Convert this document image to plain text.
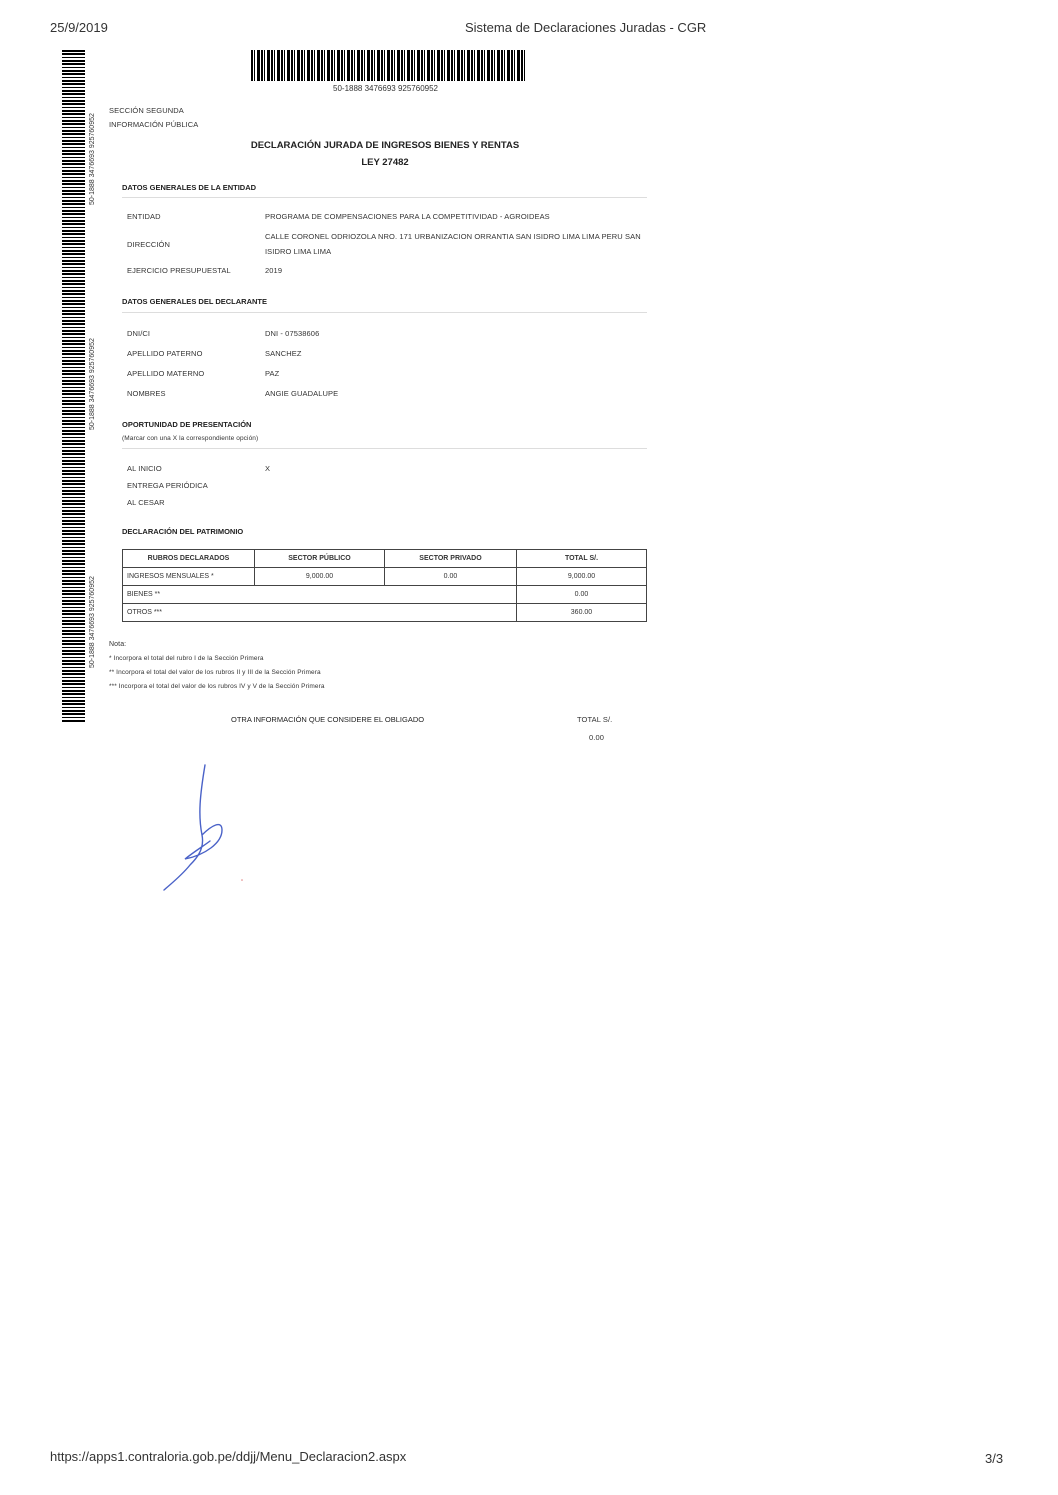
25/9/2019	Sistema de Declaraciones Juradas - CGR
50-1888 3476693 925760952
50-1888 3476693 925760952
50-1888 3476693 925760952
50-1888 3476693 925760952
SECCIÓN SEGUNDA
INFORMACIÓN PÚBLICA
DECLARACIÓN JURADA DE INGRESOS BIENES Y RENTAS
LEY 27482
DATOS GENERALES DE LA ENTIDAD
ENTIDAD	PROGRAMA DE COMPENSACIONES PARA LA COMPETITIVIDAD - AGROIDEAS
DIRECCIÓN
CALLE CORONEL ODRIOZOLA NRO. 171 URBANIZACION ORRANTIA SAN ISIDRO LIMA LIMA PERU SAN
ISIDRO LIMA LIMA
EJERCICIO PRESUPUESTAL	2019
DATOS GENERALES DEL DECLARANTE
DNI/CI	DNI - 07538606
APELLIDO PATERNO	SANCHEZ
APELLIDO MATERNO	PAZ
NOMBRES	ANGIE GUADALUPE
OPORTUNIDAD DE PRESENTACIÓN
(Marcar con una X la correspondiente opción)
AL INICIO	X
ENTREGA PERIÓDICA
AL CESAR
DECLARACIÓN DEL PATRIMONIO
RUBROS DECLARADOS	SECTOR PÚBLICO	SECTOR PRIVADO	TOTAL S/.
INGRESOS MENSUALES *	9,000.00	0.00	9,000.00
BIENES **			0.00
OTROS ***			360.00
Nota:
* Incorpora el total del rubro I de la Sección Primera
** Incorpora el total del valor de los rubros II y III de la Sección Primera
*** Incorpora el total del valor de los rubros IV y V de la Sección Primera
OTRA INFORMACIÓN QUE CONSIDERE EL OBLIGADO	TOTAL S/.
0.00
https://apps1.contraloria.gob.pe/ddjj/Menu_Declaracion2.aspx	3/3
